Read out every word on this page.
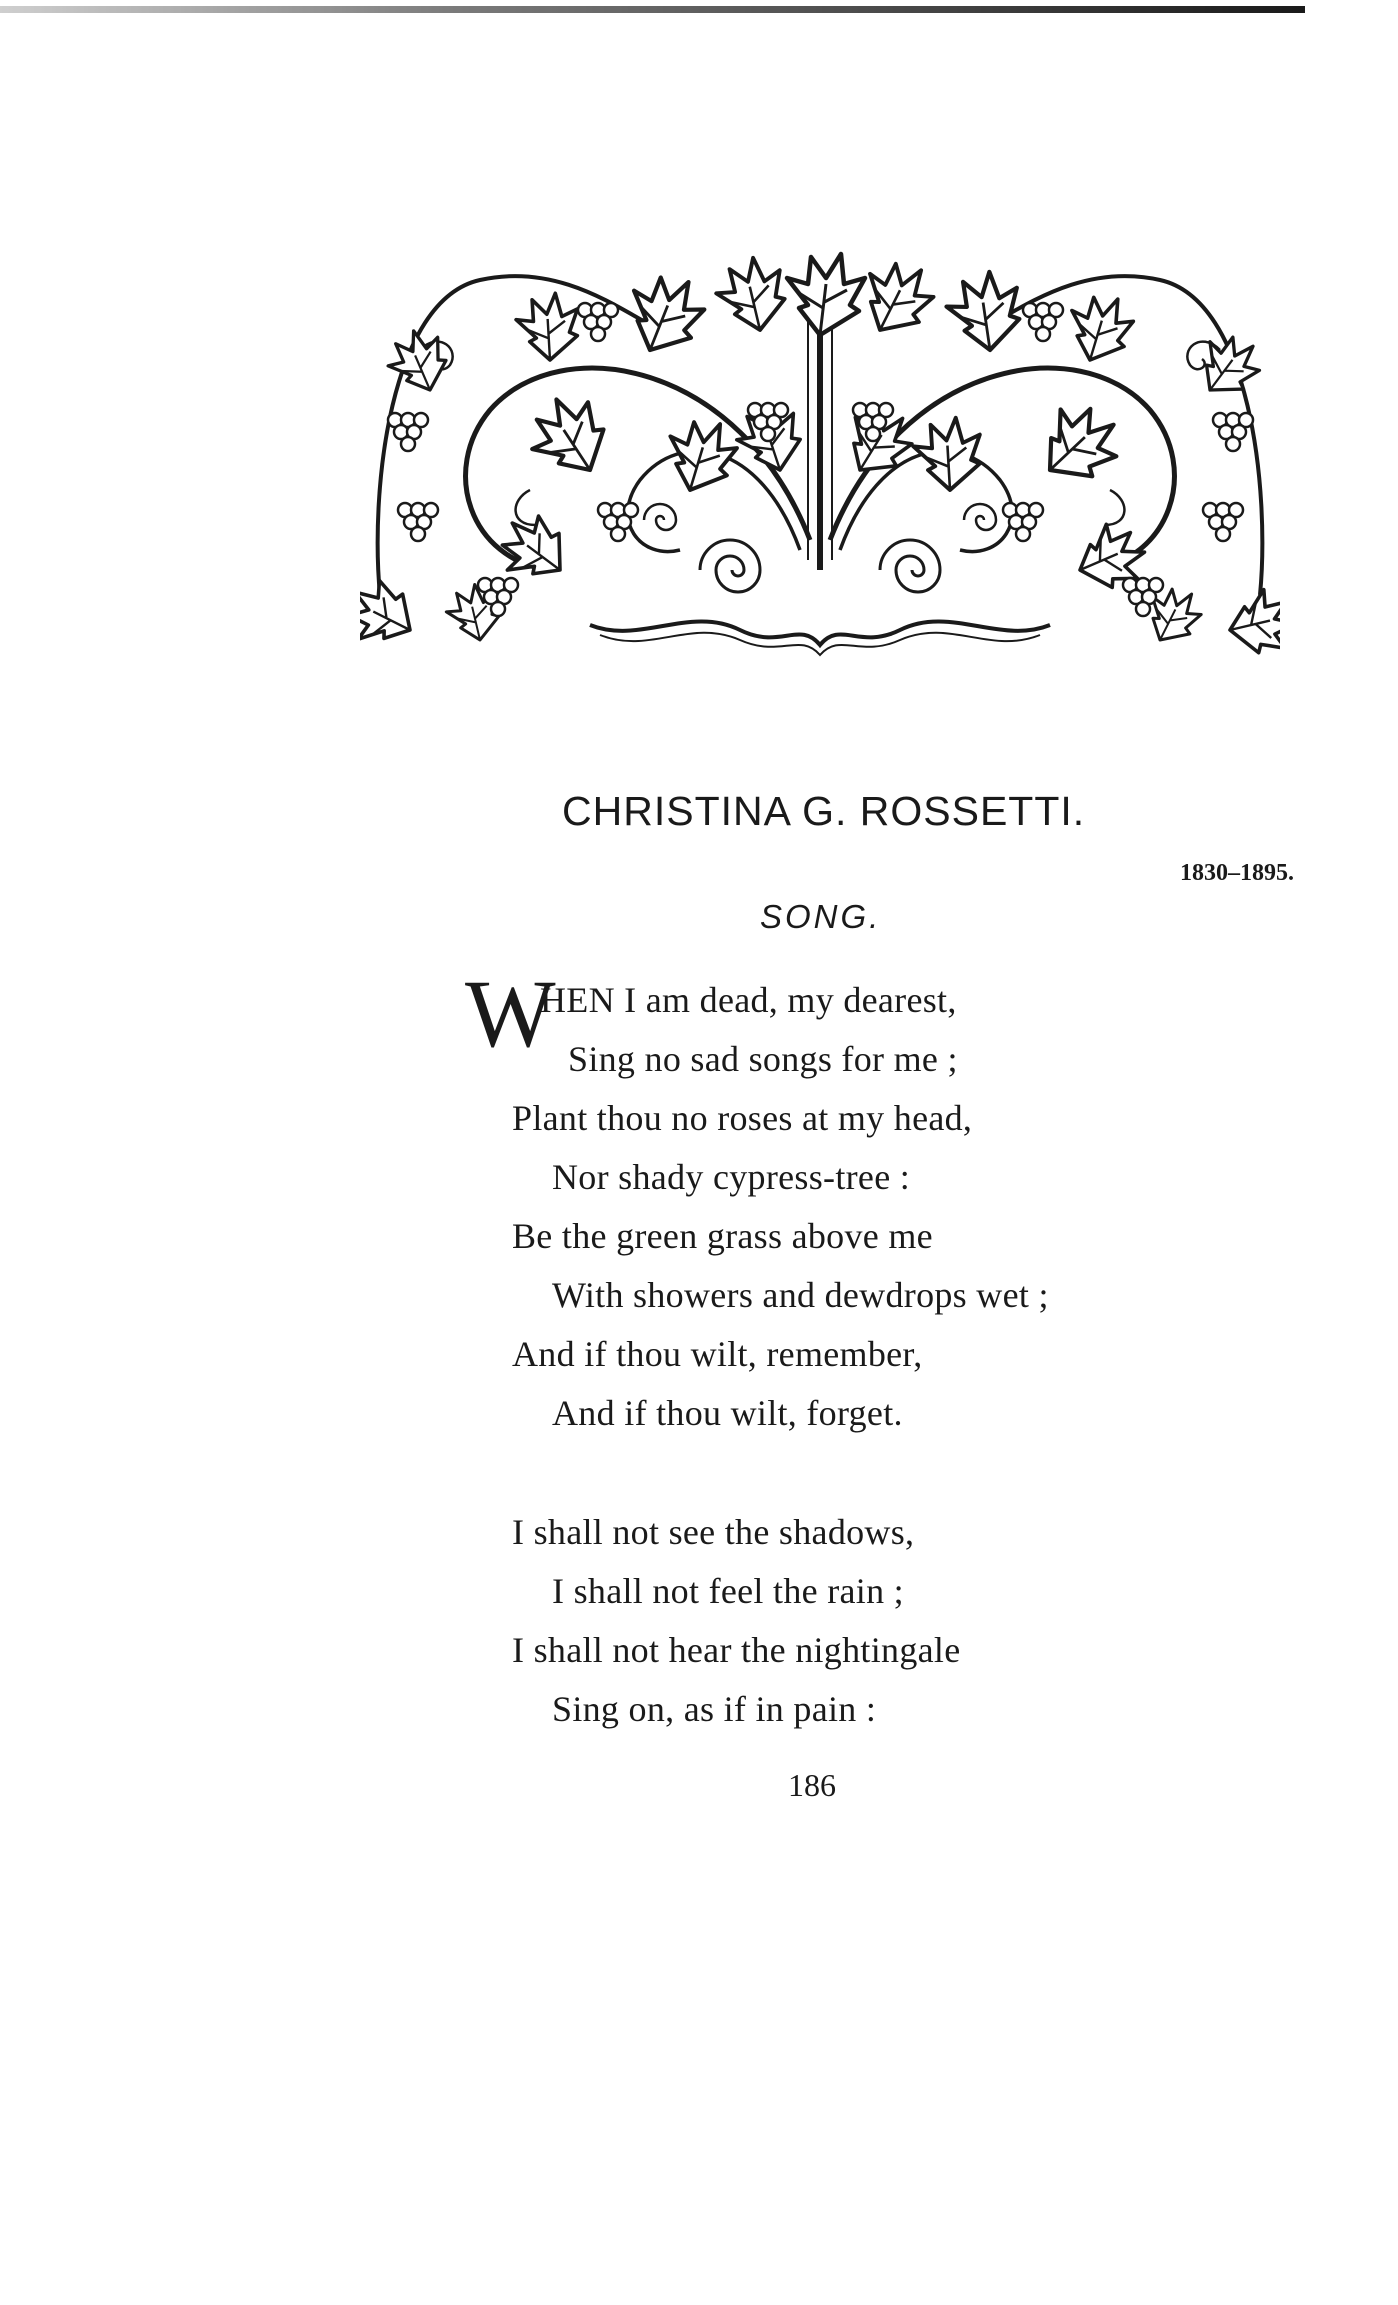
CHRISTINA G. ROSSETTI.
1830–1895.
SONG.
W
HEN I am dead, my dearest,
Sing no sad songs for me ;
Plant thou no roses at my head,
Nor shady cypress-tree :
Be the green grass above me
With showers and dewdrops wet ;
And if thou wilt, remember,
And if thou wilt, forget.
I shall not see the shadows,
I shall not feel the rain ;
I shall not hear the nightingale
Sing on, as if in pain :
186
